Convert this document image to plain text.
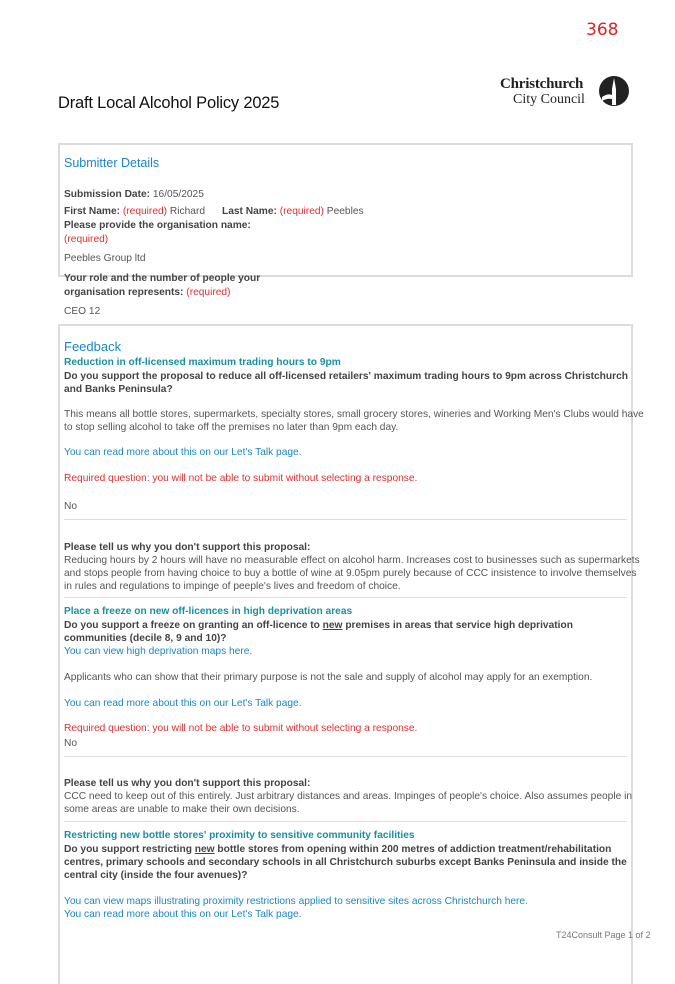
368
Draft Local Alcohol Policy 2025
Christchurch
City Council
Submitter Details
Submission Date: 16/05/2025
First Name: (required) Richard Last Name: (required) Peebles
Please provide the organisation name:
(required)
Peebles Group ltd
Your role and the number of people your
organisation represents: (required)
CEO 12
Feedback
Reduction in off-licensed maximum trading hours to 9pm
Do you support the proposal to reduce all off-licensed retailers' maximum trading hours to 9pm across Christchurch
and Banks Peninsula?
This means all bottle stores, supermarkets, specialty stores, small grocery stores, wineries and Working Men's Clubs would have
to stop selling alcohol to take off the premises no later than 9pm each day.
You can read more about this on our Let's Talk page.
Required question: you will not be able to submit without selecting a response.
No
Please tell us why you don't support this proposal:
Reducing hours by 2 hours will have no measurable effect on alcohol harm. Increases cost to businesses such as supermarkets
and stops people from having choice to buy a bottle of wine at 9.05pm purely because of CCC insistence to involve themselves
in rules and regulations to impinge of peeple's lives and freedom of choice.
Place a freeze on new off-licences in high deprivation areas
Do you support a freeze on granting an off-licence to new premises in areas that service high deprivation
communities (decile 8, 9 and 10)?
You can view high deprivation maps here.
Applicants who can show that their primary purpose is not the sale and supply of alcohol may apply for an exemption.
You can read more about this on our Let's Talk page.
Required question: you will not be able to submit without selecting a response.
No
Please tell us why you don't support this proposal:
CCC need to keep out of this entirely. Just arbitrary distances and areas. Impinges of people's choice. Also assumes people in
some areas are unable to make their own decisions.
Restricting new bottle stores' proximity to sensitive community facilities
Do you support restricting new bottle stores from opening within 200 metres of addiction treatment/rehabilitation
centres, primary schools and secondary schools in all Christchurch suburbs except Banks Peninsula and inside the
central city (inside the four avenues)?
You can view maps illustrating proximity restrictions applied to sensitive sites across Christchurch here.
You can read more about this on our Let's Talk page.
T24Consult Page 1 of 2
